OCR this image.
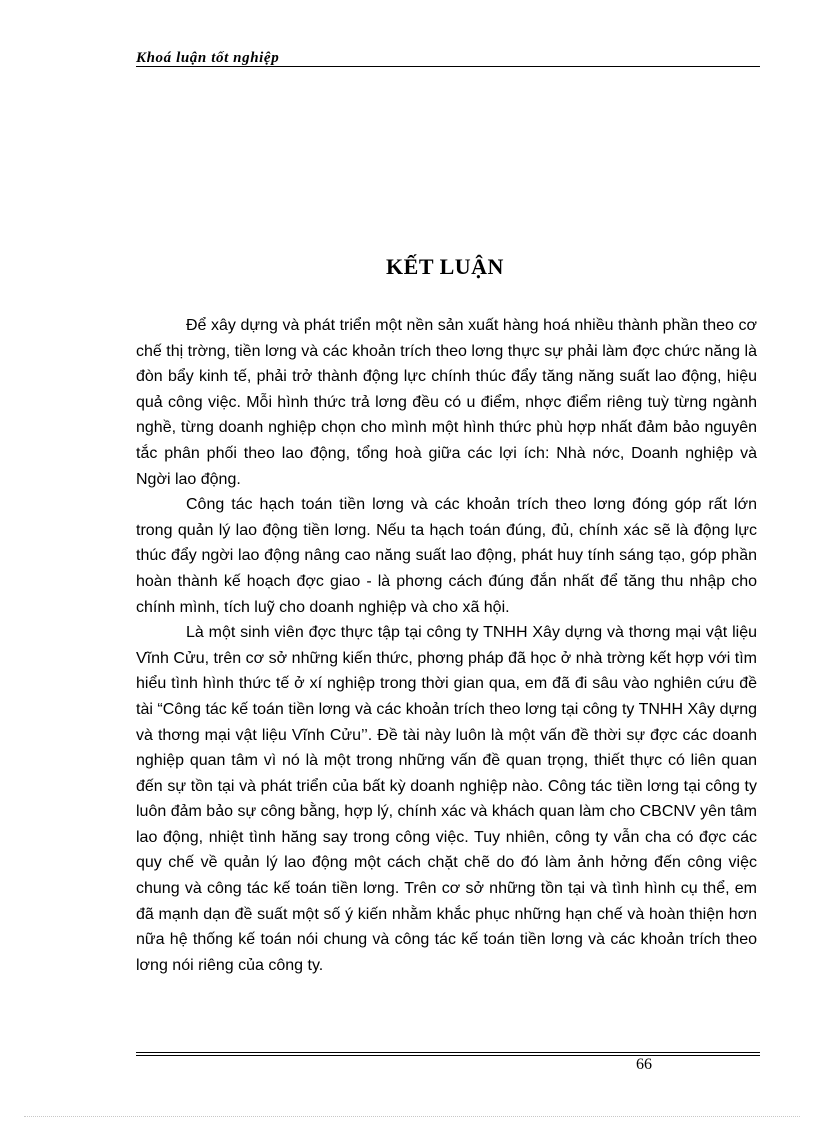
Khoá luận tốt nghiệp
KẾT LUẬN

Để xây dựng và phát triển một nền sản xuất hàng hoá nhiều thành phần theo cơ chế thị trờng, tiền lơng và các khoản trích theo lơng thực sự phải làm đợc chức năng là đòn bẩy kinh tế, phải trở thành động lực chính thúc đẩy tăng năng suất lao động, hiệu quả công việc. Mỗi hình thức trả lơng đều có u điểm, nhợc điểm riêng tuỳ từng ngành nghề, từng doanh nghiệp chọn cho mình một hình thức phù hợp nhất đảm bảo nguyên tắc phân phối theo lao động, tổng hoà giữa các lợi ích: Nhà nớc, Doanh nghiệp và Ngời lao động.

Công tác hạch toán tiền lơng và các khoản trích theo lơng đóng góp rất lớn trong quản lý lao động tiền lơng. Nếu ta hạch toán đúng, đủ, chính xác sẽ là động lực thúc đẩy ngời lao động nâng cao năng suất lao động, phát huy tính sáng tạo, góp phần hoàn thành kế hoạch đợc giao - là phơng cách đúng đắn nhất để tăng thu nhập cho chính mình, tích luỹ cho doanh nghiệp và cho xã hội.

Là một sinh viên đợc thực tập tại công ty TNHH Xây dựng và thơng mại vật liệu Vĩnh Cửu, trên cơ sở những kiến thức, phơng pháp đã học ở nhà trờng kết hợp với tìm hiểu tình hình thức tế ở xí nghiệp trong thời gian qua, em đã đi sâu vào nghiên cứu đề tài “Công tác kế toán tiền lơng và các khoản trích theo lơng tại công ty TNHH Xây dựng và thơng mại vật liệu Vĩnh Cửu’’. Đề tài này luôn là một vấn đề thời sự đợc các doanh nghiệp quan tâm vì nó là một trong những vấn đề quan trọng, thiết thực có liên quan đến sự tồn tại và phát triển của bất kỳ doanh nghiệp nào. Công tác tiền lơng tại công ty luôn đảm bảo sự công bằng, hợp lý, chính xác và khách quan làm cho CBCNV yên tâm lao động, nhiệt tình hăng say trong công việc. Tuy nhiên, công ty vẫn cha có đợc các quy chế về quản lý lao động một cách chặt chẽ do đó làm ảnh hởng đến công việc chung và công tác kế toán tiền lơng. Trên cơ sở những tồn tại và tình hình cụ thể, em đã mạnh dạn đề suất một số ý kiến nhằm khắc phục những hạn chế và hoàn thiện hơn nữa hệ thống kế toán nói chung và công tác kế toán tiền lơng và các khoản trích theo lơng nói riêng của công ty.

66
